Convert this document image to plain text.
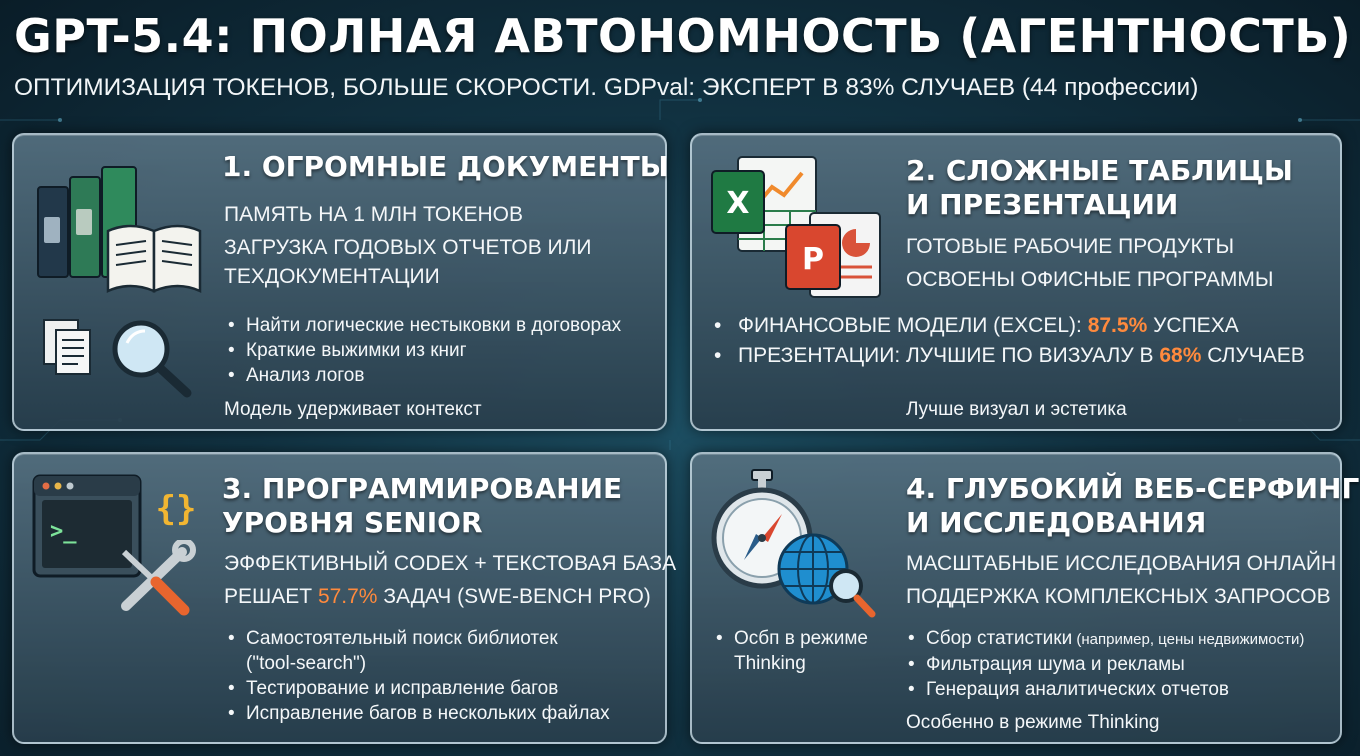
GPT-5.4: ПОЛНАЯ АВТОНОМНОСТЬ (АГЕНТНОСТЬ)

ОПТИМИЗАЦИЯ ТОКЕНОВ, БОЛЬШЕ СКОРОСТИ. GDPval: ЭКСПЕРТ В 83% СЛУЧАЕВ (44 профессии)

1. ОГРОМНЫЕ ДОКУМЕНТЫ
ПАМЯТЬ НА 1 МЛН ТОКЕНОВ
ЗАГРУЗКА ГОДОВЫХ ОТЧЕТОВ ИЛИ
ТЕХДОКУМЕНТАЦИИ
• Найти логические нестыковки в договорах
• Краткие выжимки из книг
• Анализ логов
Модель удерживает контекст
X
P
2. СЛОЖНЫЕ ТАБЛИЦЫ
И ПРЕЗЕНТАЦИИ
ГОТОВЫЕ РАБОЧИЕ ПРОДУКТЫ
ОСВОЕНЫ ОФИСНЫЕ ПРОГРАММЫ
• ФИНАНСОВЫЕ МОДЕЛИ (EXCEL): 87.5% УСПЕХА
• ПРЕЗЕНТАЦИИ: ЛУЧШИЕ ПО ВИЗУАЛУ В 68% СЛУЧАЕВ
Лучше визуал и эстетика
>_
{}
3. ПРОГРАММИРОВАНИЕ
УРОВНЯ SENIOR
ЭФФЕКТИВНЫЙ CODEX + ТЕКСТОВАЯ БАЗА
РЕШАЕТ 57.7% ЗАДАЧ (SWE-BENCH PRO)
• Самостоятельный поиск библиотек
("tool-search")
• Тестирование и исправление багов
• Исправление багов в нескольких файлах
4. ГЛУБОКИЙ ВЕБ-СЕРФИНГ
И ИССЛЕДОВАНИЯ
МАСШТАБНЫЕ ИССЛЕДОВАНИЯ ОНЛАЙН
ПОДДЕРЖКА КОМПЛЕКСНЫХ ЗАПРОСОВ
• Осбп в режиме
Thinking
• Сбор статистики (например, цены недвижимости)
• Фильтрация шума и рекламы
• Генерация аналитических отчетов
Особенно в режиме Thinking
